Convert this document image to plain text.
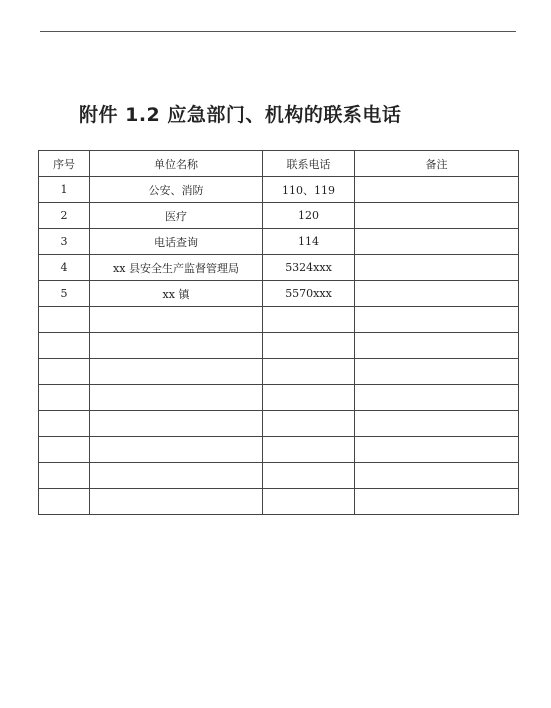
附件 1.2 应急部门、机构的联系电话
序号	单位名称	联系电话	备注
1	公安、消防	110、119	
2	医疗	120	
3	电话查询	114	
4	xx 县安全生产监督管理局	5324xxx	
5	xx 镇	5570xxx	
